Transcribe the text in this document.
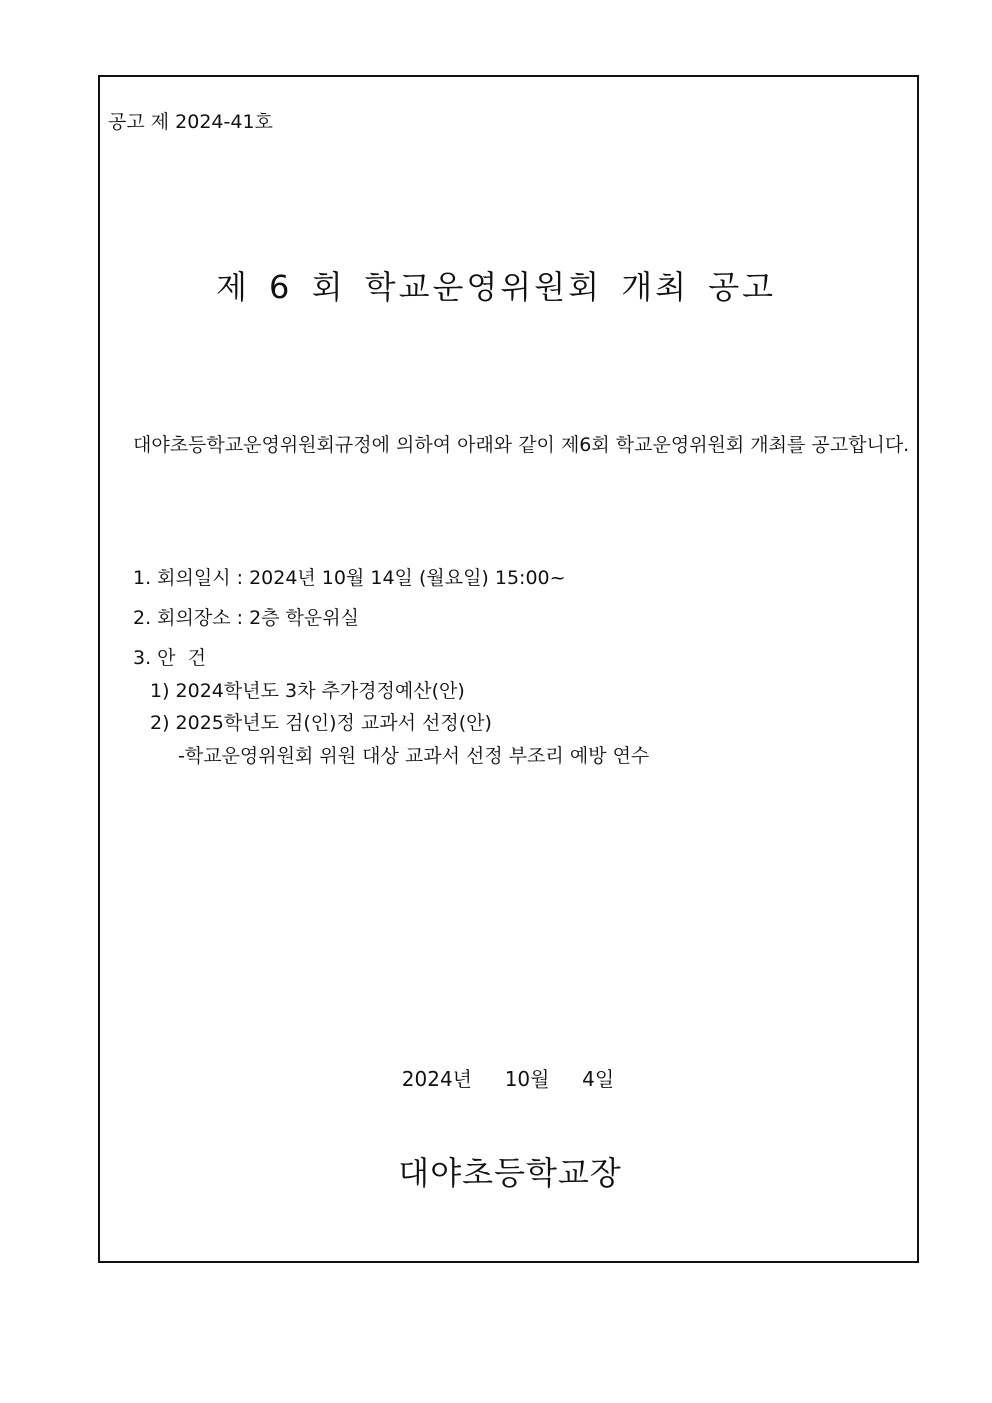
공고 제 2024-41호
제 6 회 학교운영위원회 개최 공고
대야초등학교운영위원회규정에 의하여 아래와 같이 제6회 학교운영위원회 개최를 공고합니다.
1. 회의일시 : 2024년 10월 14일 (월요일) 15:00~
2. 회의장소 : 2층 학운위실
3. 안  건
1) 2024학년도 3차 추가경정예산(안)
2) 2025학년도 검(인)정 교과서 선정(안)
-학교운영위원회 위원 대상 교과서 선정 부조리 예방 연수
2024년  10월  4일
대야초등학교장
